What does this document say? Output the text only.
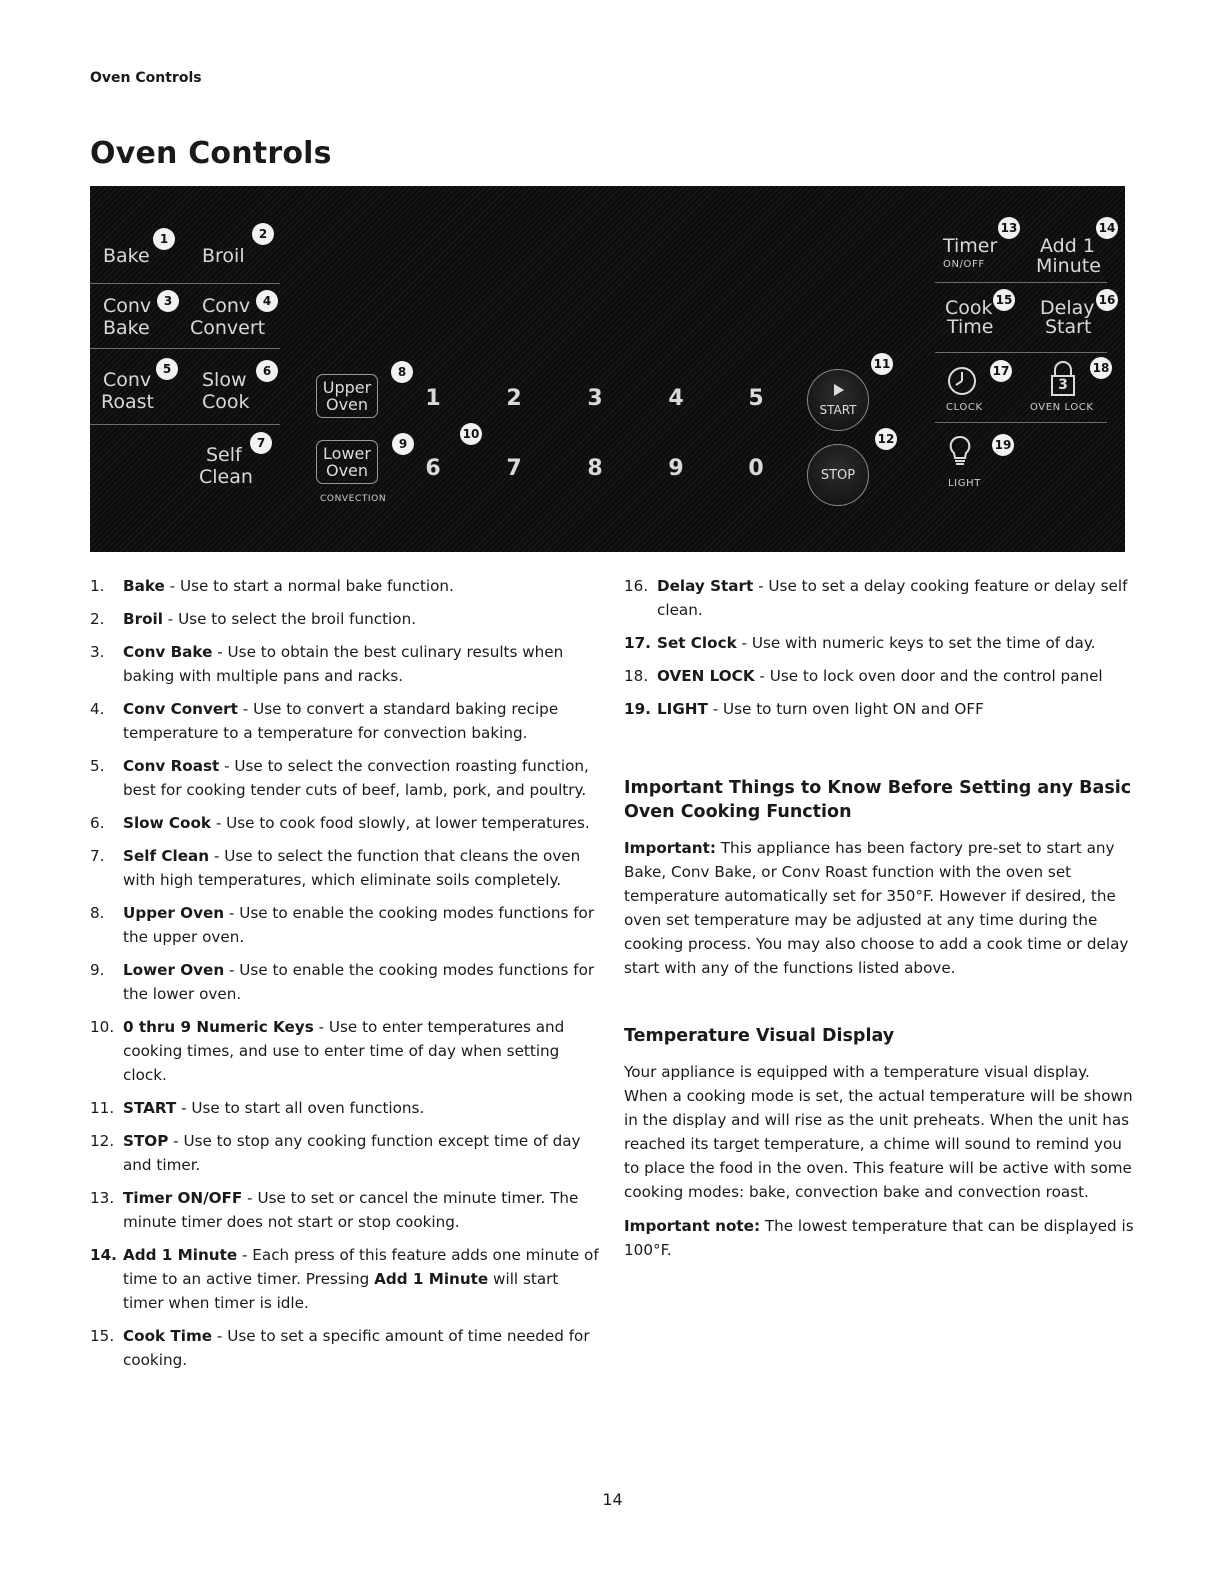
Oven Controls
Oven Controls
Bake	Broil
Conv
Bake
Conv
Convert
Conv
Roast
Slow
Cook
Self
Clean
Upper
Oven
Lower
Oven
CONVECTION
1	2	3	4	5
6	7	8	9	0
START
STOP
Timer
ON/OFF
Add 1
Minute
Cook
Time
Delay
Start
CLOCK
3
OVEN LOCK
LIGHT
1	2
3	4
5	6
7
8
9
10
11
12
13	14
15	16
17	18
19
1. Bake - Use to start a normal bake function.
2. Broil - Use to select the broil function.
3. Conv Bake - Use to obtain the best culinary results when baking with multiple pans and racks.
4. Conv Convert - Use to convert a standard baking recipe temperature to a temperature for convection baking.
5. Conv Roast - Use to select the convection roasting function, best for cooking tender cuts of beef, lamb, pork, and poultry.
6. Slow Cook - Use to cook food slowly, at lower temperatures.
7. Self Clean - Use to select the function that cleans the oven with high temperatures, which eliminate soils completely.
8. Upper Oven - Use to enable the cooking modes functions for the upper oven.
9. Lower Oven - Use to enable the cooking modes functions for the lower oven.
10. 0 thru 9 Numeric Keys - Use to enter temperatures and cooking times, and use to enter time of day when setting clock.
11. START - Use to start all oven functions.
12. STOP - Use to stop any cooking function except time of day and timer.
13. Timer ON/OFF - Use to set or cancel the minute timer. The minute timer does not start or stop cooking.
14. Add 1 Minute - Each press of this feature adds one minute of time to an active timer. Pressing Add 1 Minute will start timer when timer is idle.
15. Cook Time - Use to set a specific amount of time needed for cooking.
16. Delay Start - Use to set a delay cooking feature or delay self clean.
17. Set Clock - Use with numeric keys to set the time of day.
18. OVEN LOCK - Use to lock oven door and the control panel
19. LIGHT - Use to turn oven light ON and OFF
Important Things to Know Before Setting any Basic Oven Cooking Function

Important: This appliance has been factory pre-set to start any Bake, Conv Bake, or Conv Roast function with the oven set temperature automatically set for 350°F. However if desired, the oven set temperature may be adjusted at any time during the cooking process. You may also choose to add a cook time or delay start with any of the functions listed above.

Temperature Visual Display

Your appliance is equipped with a temperature visual display. When a cooking mode is set, the actual temperature will be shown in the display and will rise as the unit preheats. When the unit has reached its target temperature, a chime will sound to remind you to place the food in the oven. This feature will be active with some cooking modes: bake, convection bake and convection roast.

Important note: The lowest temperature that can be displayed is 100°F.

14
